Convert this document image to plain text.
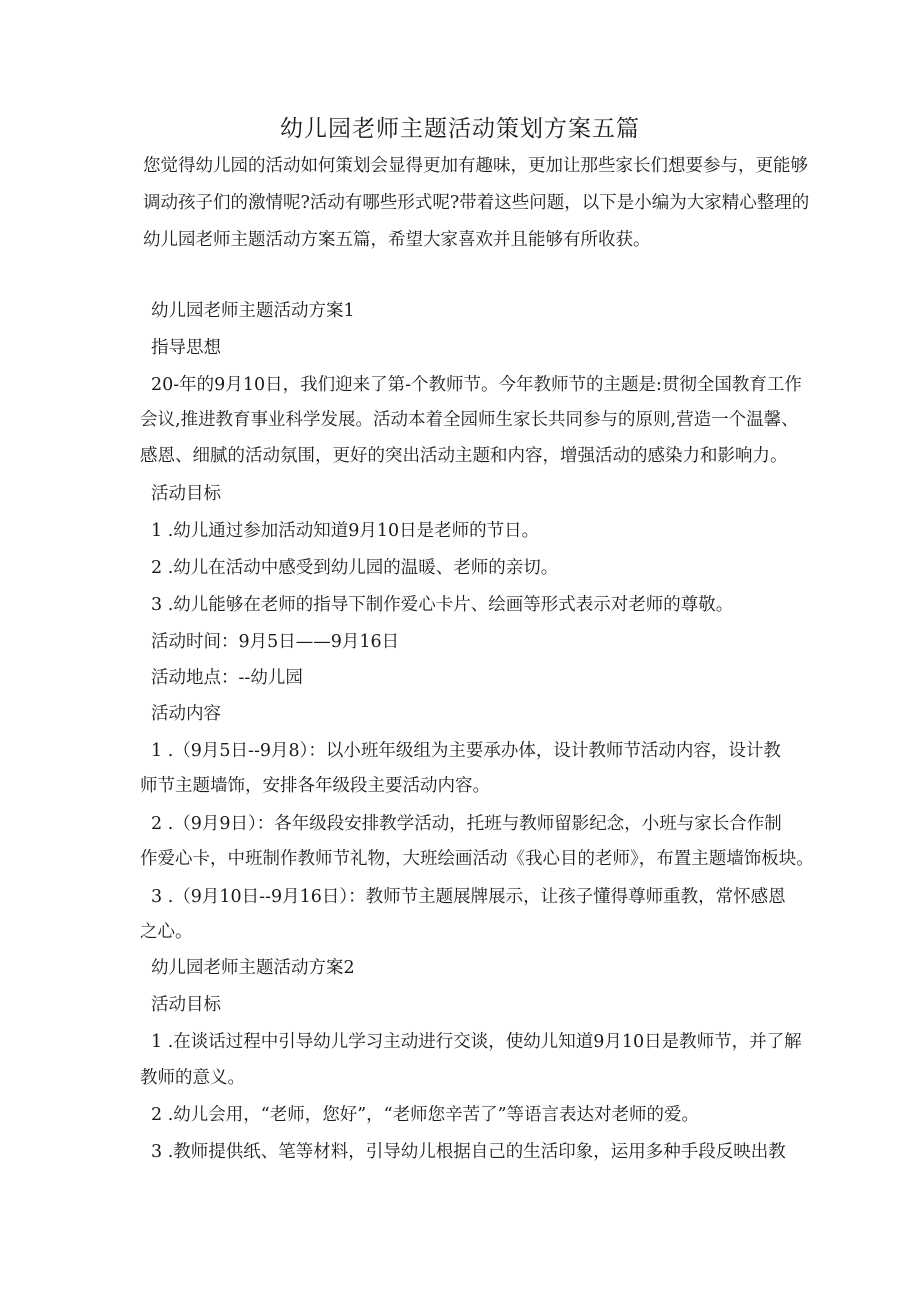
幼儿园老师主题活动策划方案五篇
您觉得幼儿园的活动如何策划会显得更加有趣味，更加让那些家长们想要参与，更能够
调动孩子们的激情呢?活动有哪些形式呢?带着这些问题，以下是小编为大家精心整理的
幼儿园老师主题活动方案五篇，希望大家喜欢并且能够有所收获。

幼儿园老师主题活动方案1

指导思想

20-年的9月10日，我们迎来了第-个教师节。今年教师节的主题是:贯彻全国教育工作

会议,推进教育事业科学发展。活动本着全园师生家长共同参与的原则,营造一个温馨、

感恩、细腻的活动氛围，更好的突出活动主题和内容，增强活动的感染力和影响力。

活动目标

1 .幼儿通过参加活动知道9月10日是老师的节日。

2 .幼儿在活动中感受到幼儿园的温暖、老师的亲切。

3 .幼儿能够在老师的指导下制作爱心卡片、绘画等形式表示对老师的尊敬。

活动时间：9月5日——9月16日

活动地点：--幼儿园

活动内容

1 .（9月5日--9月8）：以小班年级组为主要承办体，设计教师节活动内容，设计教

师节主题墙饰，安排各年级段主要活动内容。

2 .（9月9日）：各年级段安排教学活动，托班与教师留影纪念，小班与家长合作制

作爱心卡，中班制作教师节礼物，大班绘画活动《我心目的老师》，布置主题墙饰板块。

3 .（9月10日--9月16日）：教师节主题展牌展示，让孩子懂得尊师重教，常怀感恩

之心。

幼儿园老师主题活动方案2

活动目标

1 .在谈话过程中引导幼儿学习主动进行交谈，使幼儿知道9月10日是教师节，并了解

教师的意义。

2 .幼儿会用，“老师，您好”，“老师您辛苦了”等语言表达对老师的爱。

3 .教师提供纸、笔等材料，引导幼儿根据自己的生活印象，运用多种手段反映出教
